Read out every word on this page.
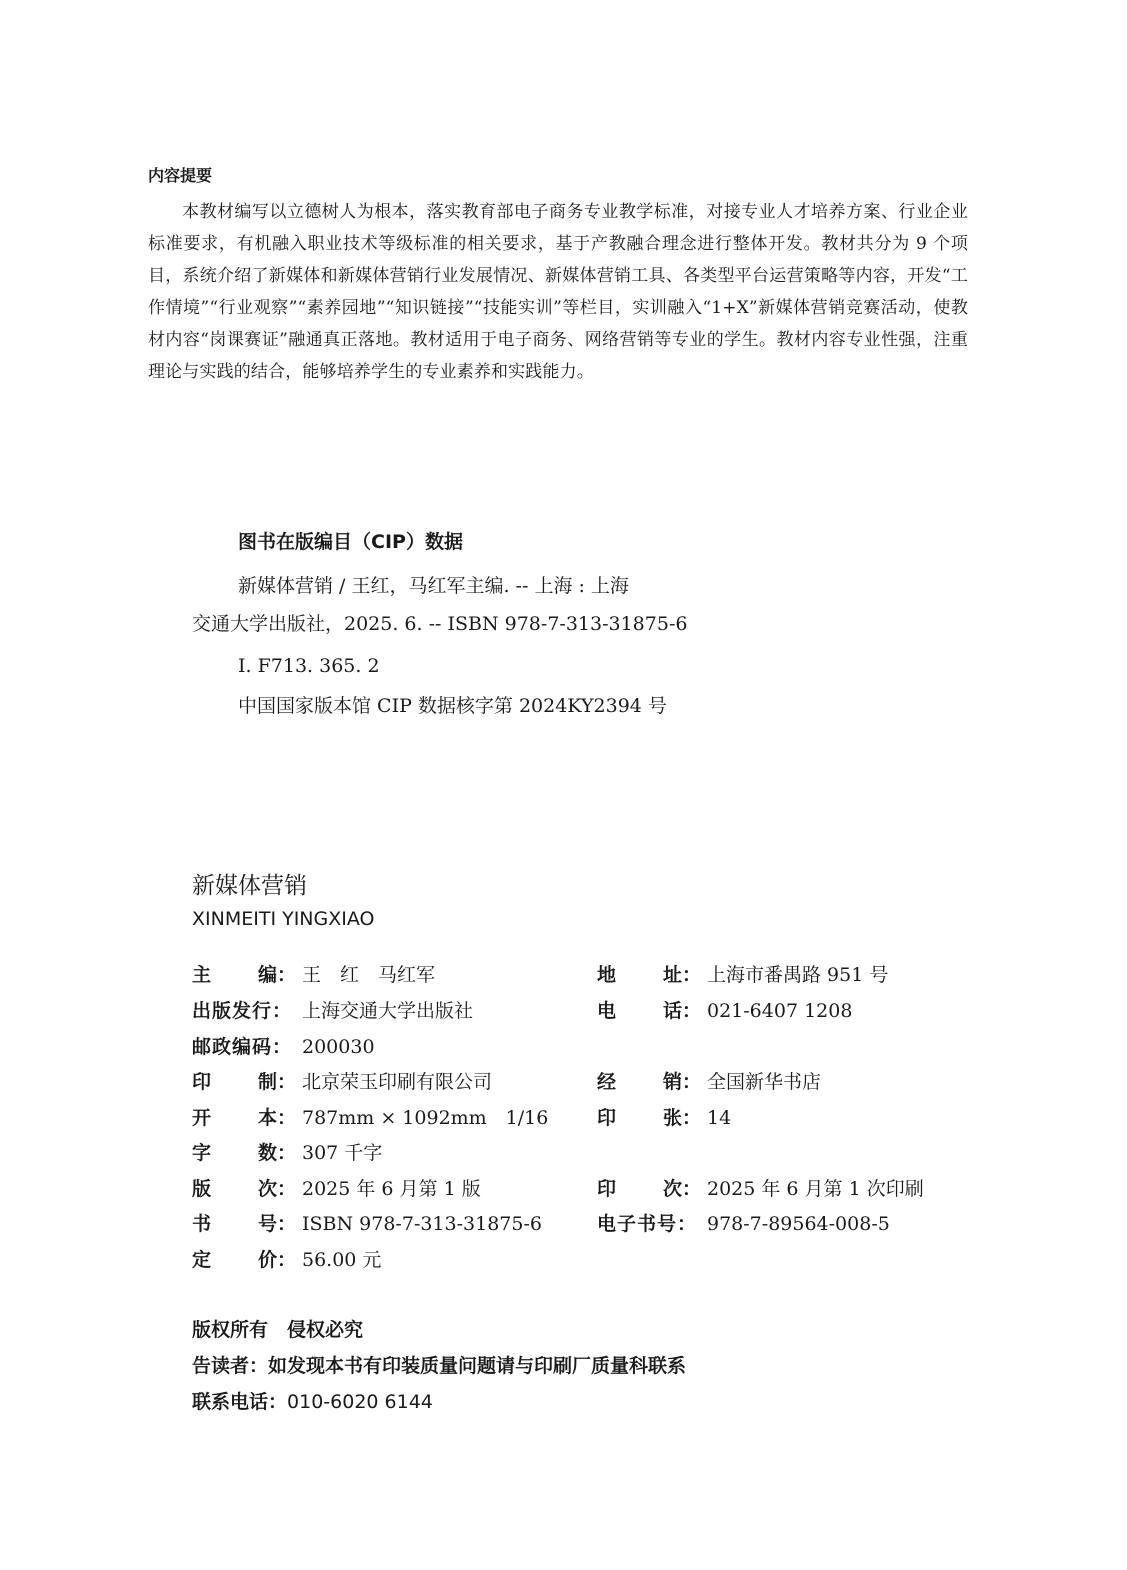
内容提要

本教材编写以立德树人为根本，落实教育部电子商务专业教学标准，对接专业人才培养方案、行业企业标准要求，有机融入职业技术等级标准的相关要求，基于产教融合理念进行整体开发。教材共分为 9 个项目，系统介绍了新媒体和新媒体营销行业发展情况、新媒体营销工具、各类型平台运营策略等内容，开发“工作情境”“行业观察”“素养园地”“知识链接”“技能实训”等栏目，实训融入“1+X”新媒体营销竞赛活动，使教材内容“岗课赛证”融通真正落地。教材适用于电子商务、网络营销等专业的学生。教材内容专业性强，注重理论与实践的结合，能够培养学生的专业素养和实践能力。

图书在版编目（CIP）数据
新媒体营销 / 王红，马红军主编. -- 上海 : 上海
交通大学出版社，2025. 6. -- ISBN 978-7-313-31875-6
Ⅰ. F713. 365. 2
中国国家版本馆 CIP 数据核字第 2024KY2394 号
新媒体营销
XINMEITI YINGXIAO
主 编： 王　红　马红军
出版发行： 上海交通大学出版社
邮政编码： 200030
印 制： 北京荣玉印刷有限公司
开 本： 787mm × 1092mm　1/16
字 数： 307 千字
版 次： 2025 年 6 月第 1 版
书 号： ISBN 978-7-313-31875-6
定 价： 56.00 元
地 址： 上海市番禺路 951 号
电 话： 021-6407 1208
经 销： 全国新华书店
印 张： 14
印 次： 2025 年 6 月第 1 次印刷
电子书号： 978-7-89564-008-5
版权所有　侵权必究
告读者：如发现本书有印装质量问题请与印刷厂质量科联系
联系电话：010-6020 6144
